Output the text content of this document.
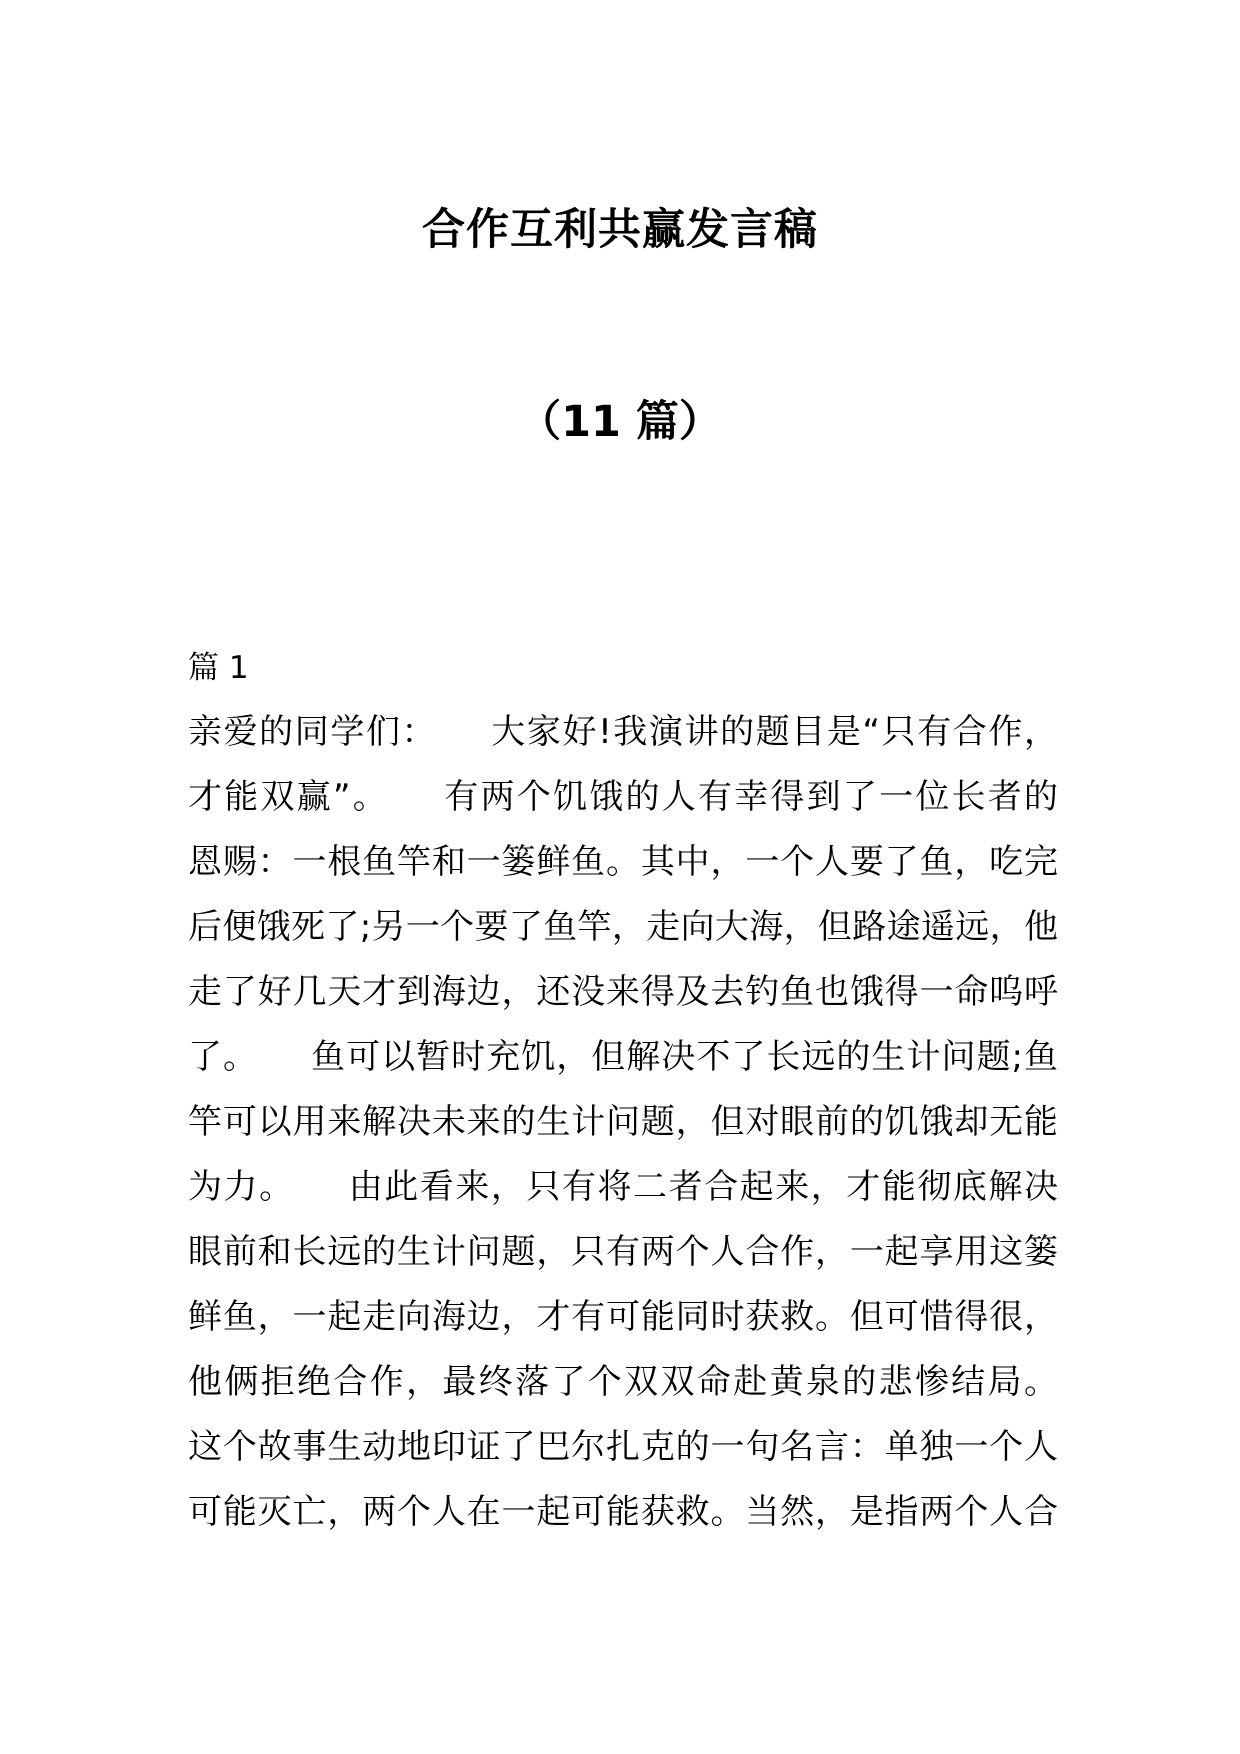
合作互利共赢发言稿
（11 篇）
篇 1
亲爱的同学们：　　大家好!我演讲的题目是“只有合作，
才能双赢”。　　有两个饥饿的人有幸得到了一位长者的
恩赐：一根鱼竿和一篓鲜鱼。其中，一个人要了鱼，吃完
后便饿死了;另一个要了鱼竿，走向大海，但路途遥远，他
走了好几天才到海边，还没来得及去钓鱼也饿得一命呜呼
了。　　鱼可以暂时充饥，但解决不了长远的生计问题;鱼
竿可以用来解决未来的生计问题，但对眼前的饥饿却无能
为力。　　由此看来，只有将二者合起来，才能彻底解决
眼前和长远的生计问题，只有两个人合作，一起享用这篓
鲜鱼，一起走向海边，才有可能同时获救。但可惜得很，
他俩拒绝合作，最终落了个双双命赴黄泉的悲惨结局。
这个故事生动地印证了巴尔扎克的一句名言：单独一个人
可能灭亡，两个人在一起可能获救。当然，是指两个人合
